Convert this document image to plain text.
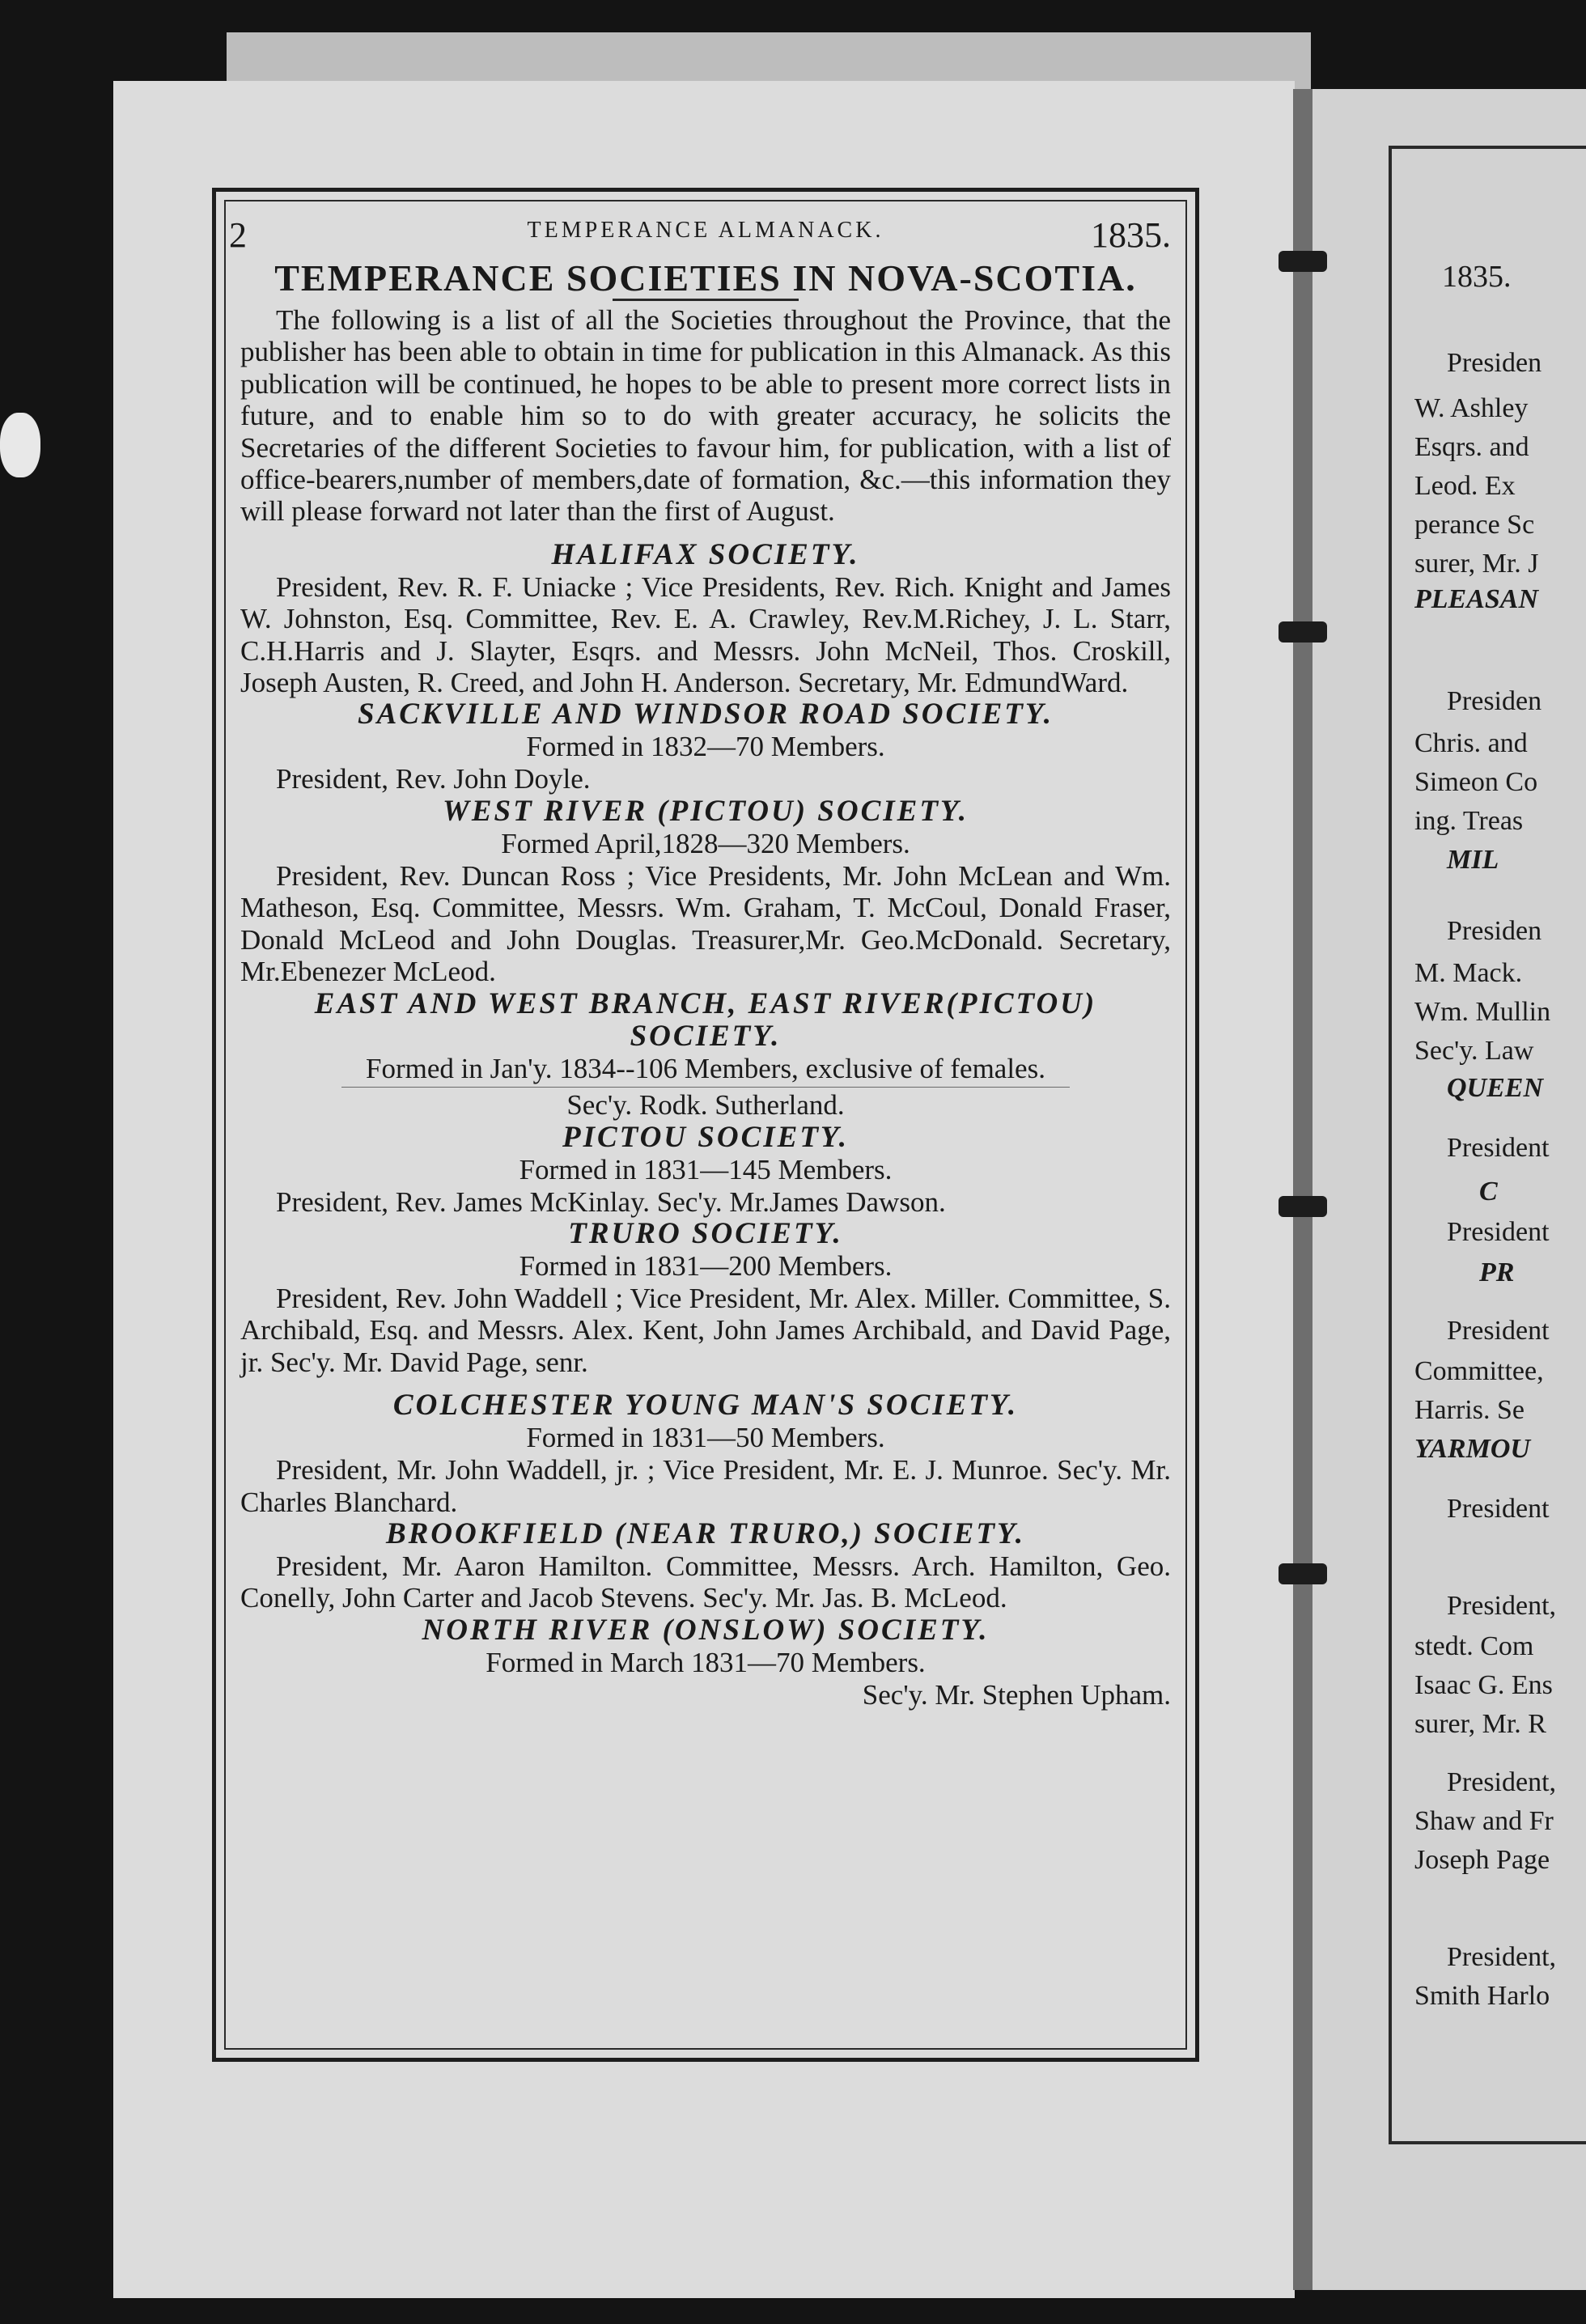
2	TEMPERANCE ALMANACK.	1835.
TEMPERANCE SOCIETIES IN NOVA-SCOTIA.

The following is a list of all the Societies throughout the Province, that the publisher has been able to obtain in time for publication in this Almanack. As this publication will be continued, he hopes to be able to present more correct lists in future, and to enable him so to do with greater accuracy, he solicits the Secretaries of the different Societies to favour him, for publication, with a list of office-bearers,number of members,date of formation, &c.—this information they will please forward not later than the first of August.

HALIFAX SOCIETY.

President, Rev. R. F. Uniacke ; Vice Presidents, Rev. Rich. Knight and James W. Johnston, Esq. Committee, Rev. E. A. Crawley, Rev.M.Richey, J. L. Starr, C.H.Harris and J. Slayter, Esqrs. and Messrs. John McNeil, Thos. Croskill, Joseph Austen, R. Creed, and John H. Anderson. Secretary, Mr. EdmundWard.

SACKVILLE AND WINDSOR ROAD SOCIETY.

Formed in 1832—70 Members.

President, Rev. John Doyle.

WEST RIVER (PICTOU) SOCIETY.

Formed April,1828—320 Members.

President, Rev. Duncan Ross ; Vice Presidents, Mr. John McLean and Wm. Matheson, Esq. Committee, Messrs. Wm. Graham, T. McCoul, Donald Fraser, Donald McLeod and John Douglas. Treasurer,Mr. Geo.McDonald. Secretary, Mr.Ebenezer McLeod.

EAST AND WEST BRANCH, EAST RIVER(PICTOU) SOCIETY.

Formed in Jan'y. 1834--106 Members, exclusive of females.

Sec'y. Rodk. Sutherland.

PICTOU SOCIETY.

Formed in 1831—145 Members.

President, Rev. James McKinlay. Sec'y. Mr.James Dawson.

TRURO SOCIETY.

Formed in 1831—200 Members.

President, Rev. John Waddell ; Vice President, Mr. Alex. Miller. Committee, S. Archibald, Esq. and Messrs. Alex. Kent, John James Archibald, and David Page, jr. Sec'y. Mr. David Page, senr.

COLCHESTER YOUNG MAN'S SOCIETY.

Formed in 1831—50 Members.

President, Mr. John Waddell, jr. ; Vice President, Mr. E. J. Munroe. Sec'y. Mr. Charles Blanchard.

BROOKFIELD (NEAR TRURO,) SOCIETY.

President, Mr. Aaron Hamilton. Committee, Messrs. Arch. Hamilton, Geo. Conelly, John Carter and Jacob Stevens. Sec'y. Mr. Jas. B. McLeod.

NORTH RIVER (ONSLOW) SOCIETY.

Formed in March 1831—70 Members.

Sec'y. Mr. Stephen Upham.

1835.
Presiden
W. Ashley
Esqrs. and
Leod. Ex
perance Sc
surer, Mr. J
PLEASAN
Presiden
Chris. and
Simeon Co
ing. Treas
MIL
Presiden
M. Mack.
Wm. Mullin
Sec'y. Law
QUEEN
President
C
President
PR
President
Committee,
Harris. Se
YARMOU
President
President,
stedt. Com
Isaac G. Ens
surer, Mr. R
President,
Shaw and Fr
Joseph Page
President,
Smith Harlo
